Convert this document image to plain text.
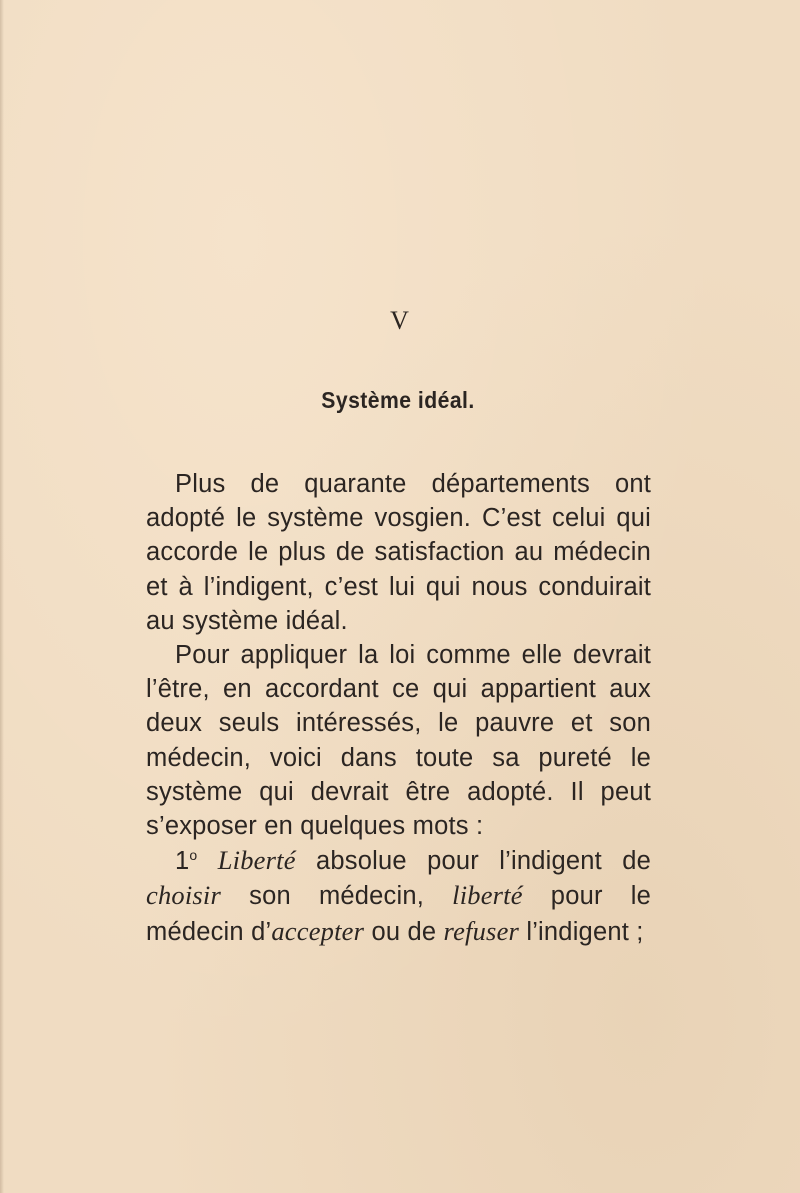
V
Système idéal.

Plus de quarante départements ont adopté le système vosgien. C’est celui qui accorde le plus de satisfaction au médecin et à l’indigent, c’est lui qui nous conduirait au système idéal.

Pour appliquer la loi comme elle devrait l’être, en accordant ce qui appartient aux deux seuls intéressés, le pauvre et son médecin, voici dans toute sa pureté le système qui devrait être adopté. Il peut s’exposer en quelques mots :

1$^o$ Liberté absolue pour l’indigent de choisir son médecin, liberté pour le médecin d’accepter ou de refuser l’indigent ;
